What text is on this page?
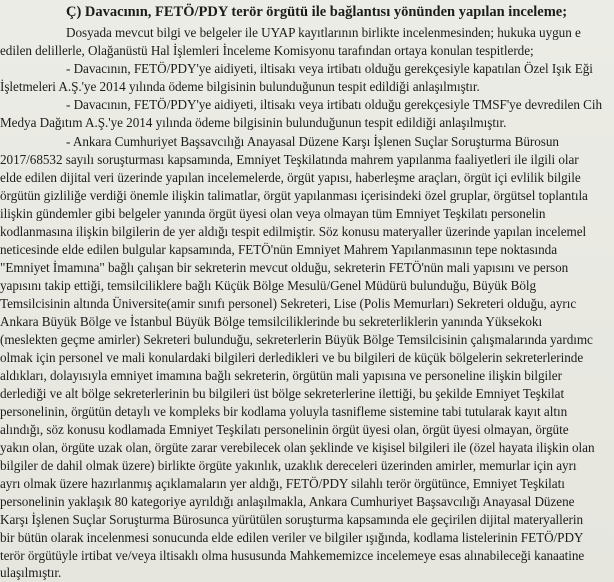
Ç) Davacının, FETÖ/PDY terör örgütü ile bağlantısı yönünden yapılan inceleme;

Dosyada mevcut bilgi ve belgeler ile UYAP kayıtlarının birlikte incelenmesinden; hukuka uygun e

edilen delillerle, Olağanüstü Hal İşlemleri İnceleme Komisyonu tarafından ortaya konulan tespitlerde;

- Davacının, FETÖ/PDY'ye aidiyeti, iltisakı veya irtibatı olduğu gerekçesiyle kapatılan Özel Işık Eği

İşletmeleri A.Ş.'ye 2014 yılında ödeme bilgisinin bulunduğunun tespit edildiği anlaşılmıştır.

- Davacının, FETÖ/PDY'ye aidiyeti, iltisakı veya irtibatı olduğu gerekçesiyle TMSF'ye devredilen Cih

Medya Dağıtım A.Ş.'ye 2014 yılında ödeme bilgisinin bulunduğunun tespit edildiği anlaşılmıştır.

- Ankara Cumhuriyet Başsavcılığı Anayasal Düzene Karşı İşlenen Suçlar Soruşturma Bürosun

2017/68532 sayılı soruşturması kapsamında, Emniyet Teşkilatında mahrem yapılanma faaliyetleri ile ilgili olar

elde edilen dijital veri üzerinde yapılan incelemelerde, örgüt yapısı, haberleşme araçları, örgüt içi evlilik bilgile

örgütün gizliliğe verdiği önemle ilişkin talimatlar, örgüt yapılanması içerisindeki özel gruplar, örgütsel toplantıla

ilişkin gündemler gibi belgeler yanında örgüt üyesi olan veya olmayan tüm Emniyet Teşkilatı personelin

kodlanmasına ilişkin bilgilerin de yer aldığı tespit edilmiştir. Söz konusu materyaller üzerinde yapılan incelemel

neticesinde elde edilen bulgular kapsamında, FETÖ'nün Emniyet Mahrem Yapılanmasının tepe noktasında

"Emniyet İmamına" bağlı çalışan bir sekreterin mevcut olduğu, sekreterin FETÖ'nün mali yapısını ve person

yapısını takip ettiği, temsilciliklere bağlı Küçük Bölge Mesulü/Genel Müdürü bulunduğu, Büyük Bölg

Temsilcisinin altında Üniversite(amir sınıfı personel) Sekreteri, Lise (Polis Memurları) Sekreteri olduğu, ayrıc

Ankara Büyük Bölge ve İstanbul Büyük Bölge temsilciliklerinde bu sekreterliklerin yanında Yüksekokı

(meslekten geçme amirler) Sekreteri bulunduğu, sekreterlerin Büyük Bölge Temsilcisinin çalışmalarında yardımc

olmak için personel ve mali konulardaki bilgileri derledikleri ve bu bilgileri de küçük bölgelerin sekreterlerinde

aldıkları, dolayısıyla emniyet imamına bağlı sekreterin, örgütün mali yapısına ve personeline ilişkin bilgiler

derlediği ve alt bölge sekreterlerinin bu bilgileri üst bölge sekreterlerine ilettiği, bu şekilde Emniyet Teşkilat

personelinin, örgütün detaylı ve kompleks bir kodlama yoluyla tasnifleme sistemine tabi tutularak kayıt altın

alındığı, söz konusu kodlamada Emniyet Teşkilatı personelinin örgüt üyesi olan, örgüt üyesi olmayan, örgüte

yakın olan, örgüte uzak olan, örgüte zarar verebilecek olan şeklinde ve kişisel bilgileri ile (özel hayata ilişkin olan

bilgiler de dahil olmak üzere) birlikte örgüte yakınlık, uzaklık dereceleri üzerinden amirler, memurlar için ayrı

ayrı olmak üzere hazırlanmış açıklamaların yer aldığı, FETÖ/PDY silahlı terör örgütünce, Emniyet Teşkilatı

personelinin yaklaşık 80 kategoriye ayrıldığı anlaşılmakla, Ankara Cumhuriyet Başsavcılığı Anayasal Düzene

Karşı İşlenen Suçlar Soruşturma Bürosunca yürütülen soruşturma kapsamında ele geçirilen dijital materyallerin

bir bütün olarak incelenmesi sonucunda elde edilen veriler ve bilgiler ışığında, kodlama listelerinin FETÖ/PDY

terör örgütüyle irtibat ve/veya iltisaklı olma hususunda Mahkememizce incelemeye esas alınabileceği kanaatine

ulaşılmıştır.
